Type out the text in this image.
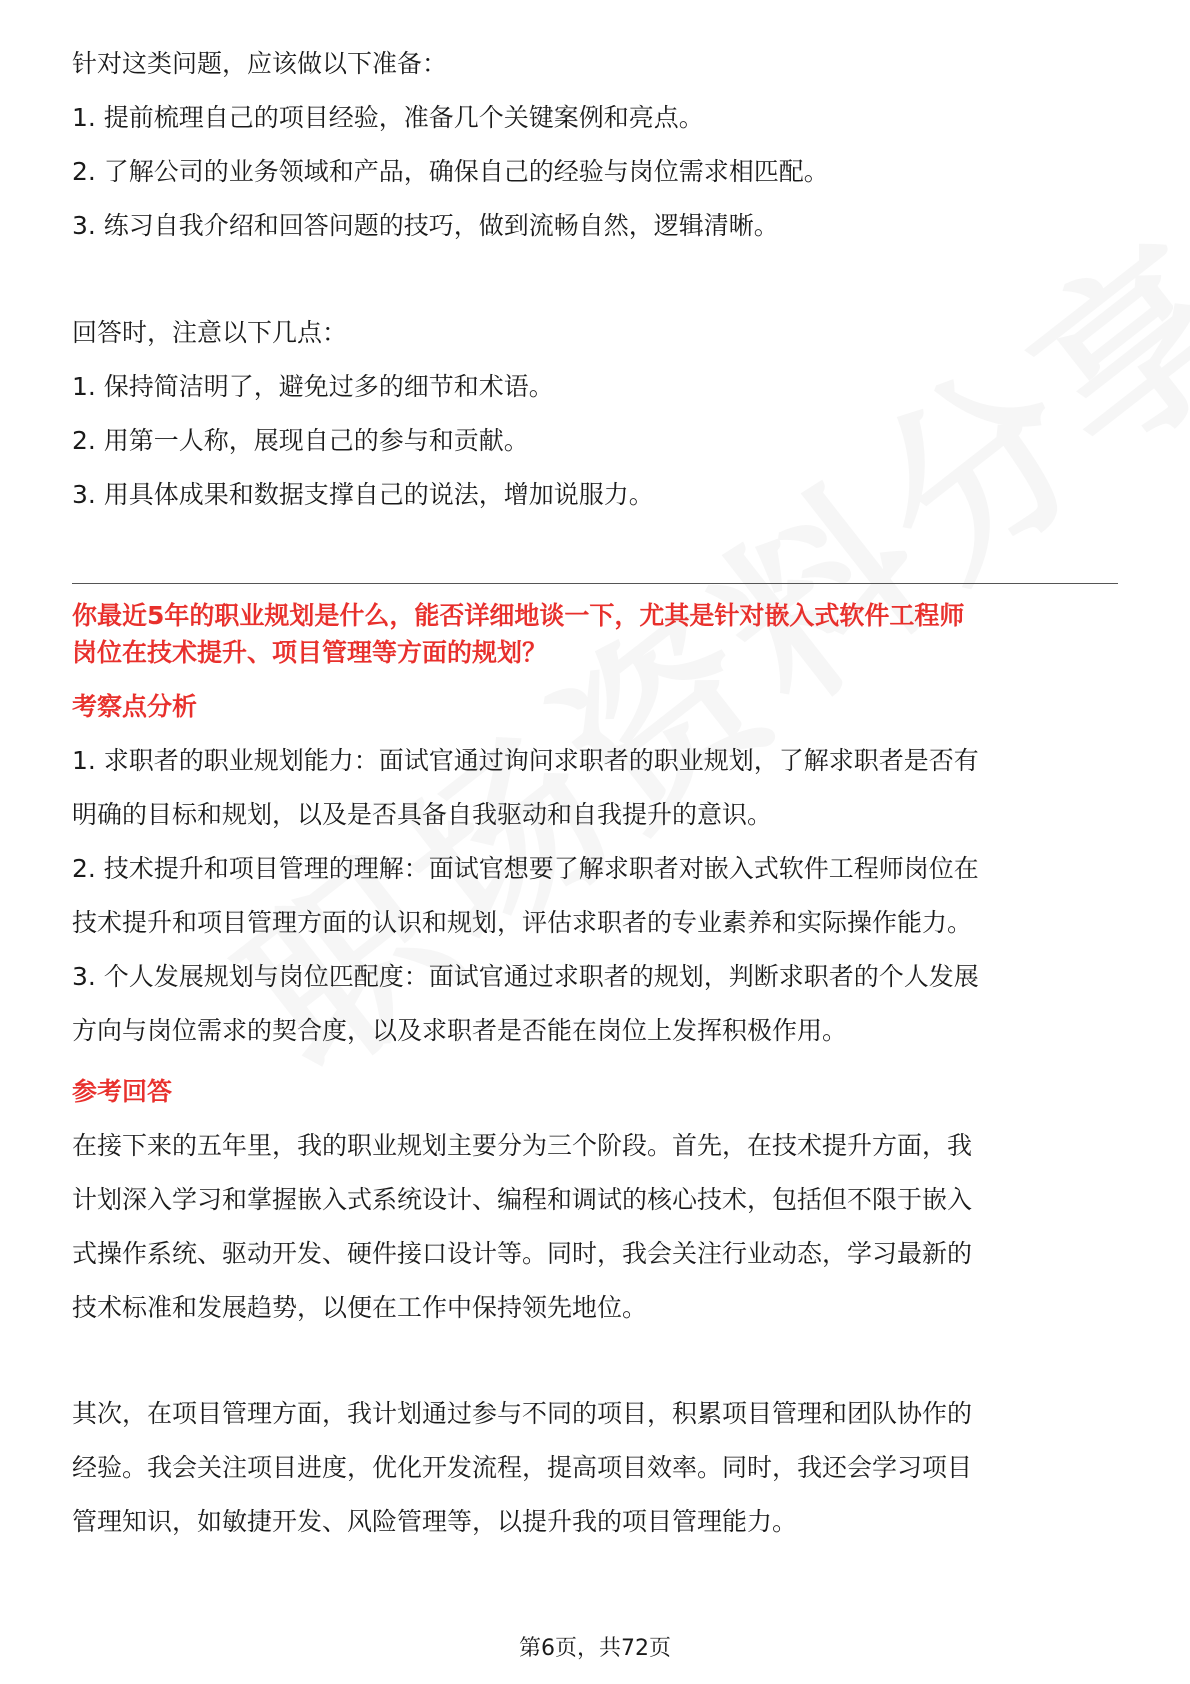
针对这类问题，应该做以下准备：
1. 提前梳理自己的项目经验，准备几个关键案例和亮点。
2. 了解公司的业务领域和产品，确保自己的经验与岗位需求相匹配。
3. 练习自我介绍和回答问题的技巧，做到流畅自然，逻辑清晰。
回答时，注意以下几点：
1. 保持简洁明了，避免过多的细节和术语。
2. 用第一人称，展现自己的参与和贡献。
3. 用具体成果和数据支撑自己的说法，增加说服力。
你最近5年的职业规划是什么，能否详细地谈一下，尤其是针对嵌入式软件工程师
岗位在技术提升、项目管理等方面的规划？
考察点分析
1. 求职者的职业规划能力：面试官通过询问求职者的职业规划，了解求职者是否有
明确的目标和规划，以及是否具备自我驱动和自我提升的意识。
2. 技术提升和项目管理的理解：面试官想要了解求职者对嵌入式软件工程师岗位在
技术提升和项目管理方面的认识和规划，评估求职者的专业素养和实际操作能力。
3. 个人发展规划与岗位匹配度：面试官通过求职者的规划，判断求职者的个人发展
方向与岗位需求的契合度，以及求职者是否能在岗位上发挥积极作用。
参考回答
在接下来的五年里，我的职业规划主要分为三个阶段。首先，在技术提升方面，我
计划深入学习和掌握嵌入式系统设计、编程和调试的核心技术，包括但不限于嵌入
式操作系统、驱动开发、硬件接口设计等。同时，我会关注行业动态，学习最新的
技术标准和发展趋势，以便在工作中保持领先地位。
其次，在项目管理方面，我计划通过参与不同的项目，积累项目管理和团队协作的
经验。我会关注项目进度，优化开发流程，提高项目效率。同时，我还会学习项目
管理知识，如敏捷开发、风险管理等，以提升我的项目管理能力。
第6页，共72页
